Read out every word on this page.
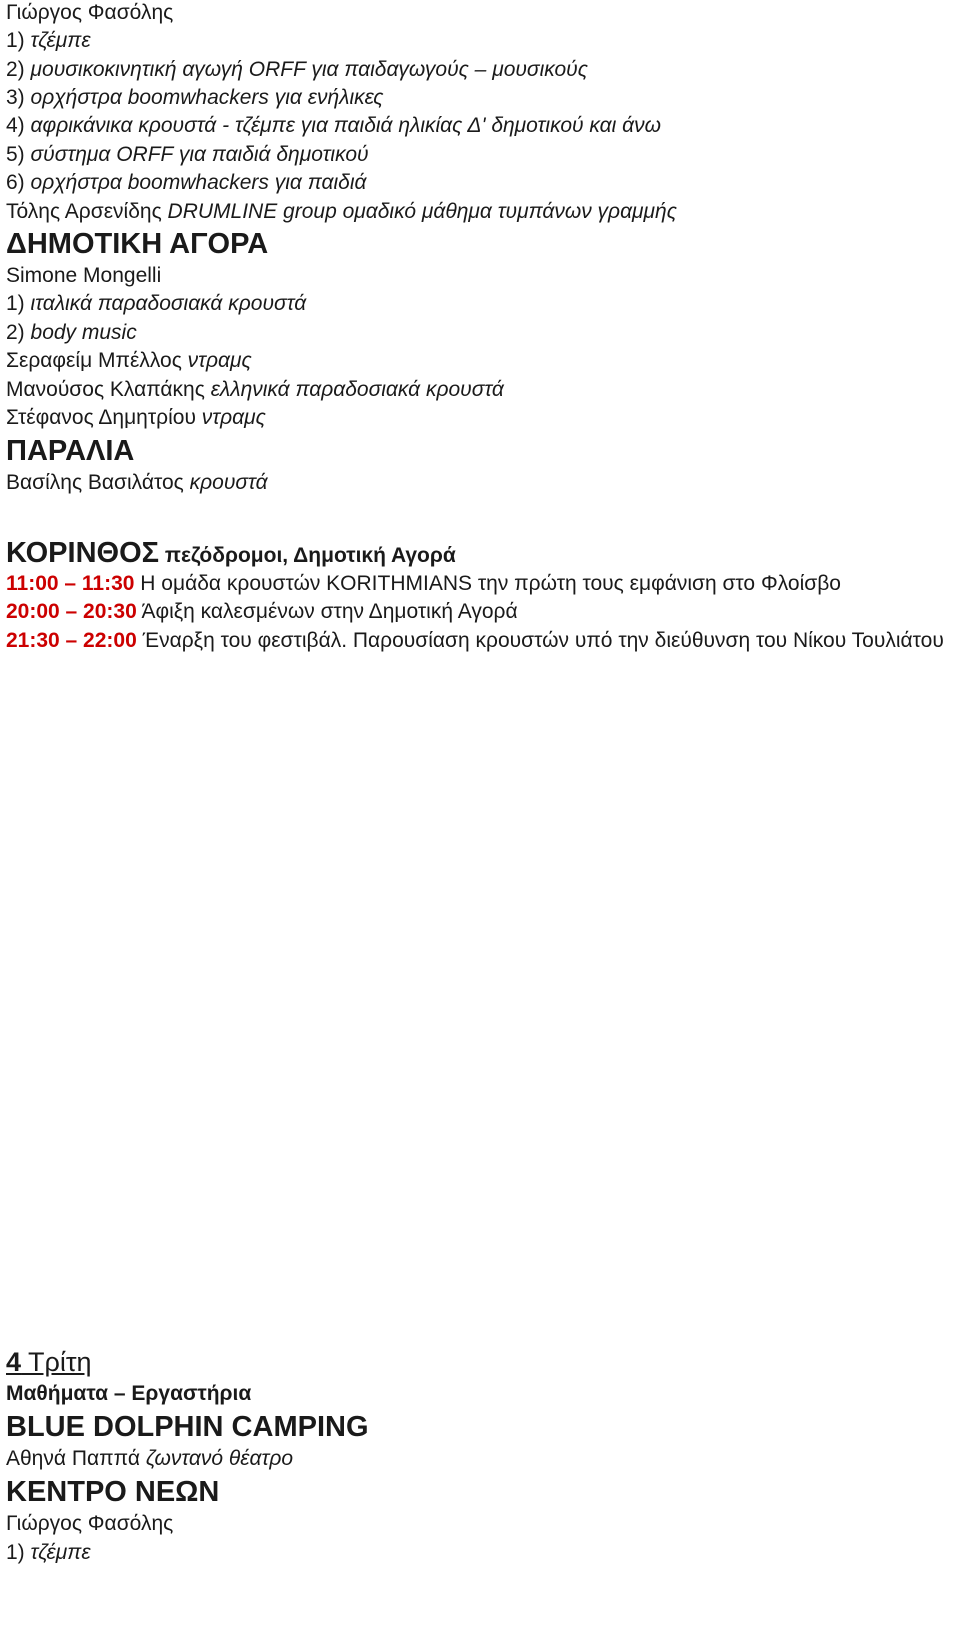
Γιώργος Φασόλης
1) τζέμπε
2) μουσικοκινητική αγωγή ORFF για παιδαγωγούς – μουσικούς
3) ορχήστρα boomwhackers για ενήλικες
4) αφρικάνικα κρουστά - τζέμπε για παιδιά ηλικίας Δ' δημοτικού και άνω
5) σύστημα ORFF για παιδιά δημοτικού
6) ορχήστρα boomwhackers για παιδιά
Τόλης Αρσενίδης DRUMLINE group ομαδικό μάθημα τυμπάνων γραμμής
ΔΗΜΟΤΙΚΗ ΑΓΟΡΑ
Simone Mongelli
1) ιταλικά παραδοσιακά κρουστά
2) body music
Σεραφείμ Μπέλλος ντραμς
Μανούσος Κλαπάκης ελληνικά παραδοσιακά κρουστά
Στέφανος Δημητρίου ντραμς
ΠΑΡΑΛΙΑ
Βασίλης Βασιλάτος κρουστά
ΚΟΡΙΝΘΟΣ πεζόδρομοι, Δημοτική Αγορά
11:00 – 11:30 Η ομάδα κρουστών KORITHMIANS την πρώτη τους εμφάνιση στο Φλοίσβο
20:00 – 20:30 Άφιξη καλεσμένων στην Δημοτική Αγορά
21:30 – 22:00 Έναρξη του φεστιβάλ. Παρουσίαση κρουστών υπό την διεύθυνση του Νίκου Τουλιάτου
4 Τρίτη
Μαθήματα – Εργαστήρια
BLUE DOLPHIN CAMPING
Αθηνά Παππά ζωντανό θέατρο
ΚΕΝΤΡΟ ΝΕΩΝ
Γιώργος Φασόλης
1) τζέμπε
